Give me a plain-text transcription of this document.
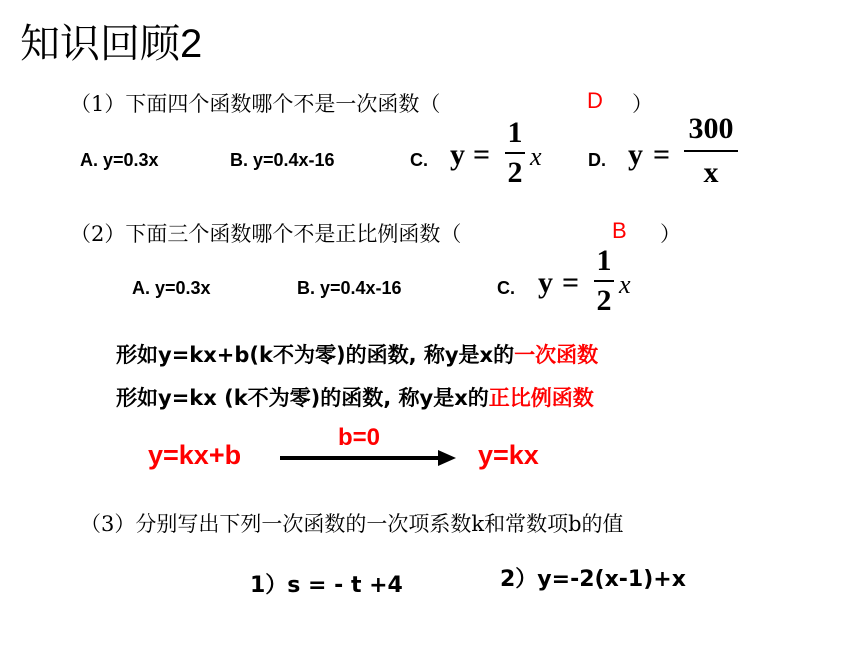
知识回顾2
（1）下面四个函数哪个不是一次函数（	D ）
A. y=0.3x	B. y=0.4x-16	C. y =
1
2 x	D. y =
300
x
（2）下面三个函数哪个不是正比例函数（	B ）
A. y=0.3x	B. y=0.4x-16	C. y =
1
2 x
形如y=kx+b(k不为零)的函数, 称y是x的一次函数
形如y=kx (k不为零)的函数, 称y是x的正比例函数
y=kx+b
b=0
y=kx
（3）分别写出下列一次函数的一次项系数k和常数项b的值
1）s = - t +4	2）y=-2(x-1)+x
